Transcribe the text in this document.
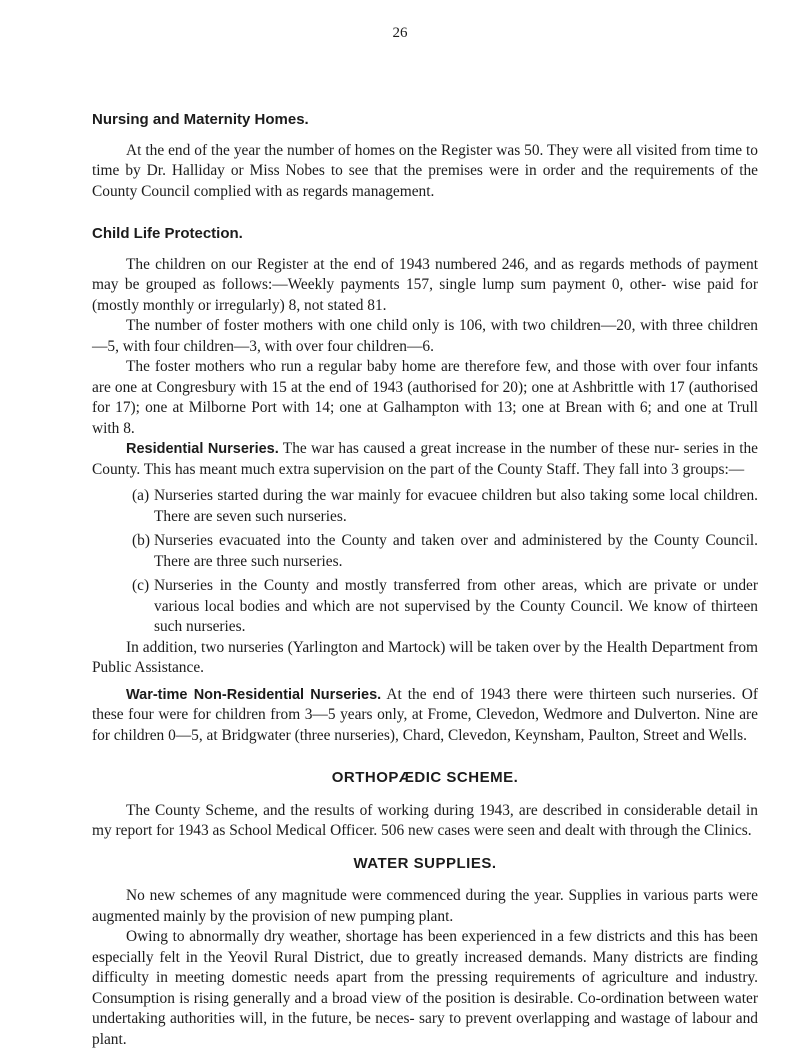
26
Nursing and Maternity Homes.

At the end of the year the number of homes on the Register was 50. They were all visited from time to time by Dr. Halliday or Miss Nobes to see that the premises were in order and the requirements of the County Council complied with as regards management.

Child Life Protection.

The children on our Register at the end of 1943 numbered 246, and as regards methods of payment may be grouped as follows:—Weekly payments 157, single lump sum payment 0, other- wise paid for (mostly monthly or irregularly) 8, not stated 81.

The number of foster mothers with one child only is 106, with two children—20, with three children—5, with four children—3, with over four children—6.

The foster mothers who run a regular baby home are therefore few, and those with over four infants are one at Congresbury with 15 at the end of 1943 (authorised for 20); one at Ashbrittle with 17 (authorised for 17); one at Milborne Port with 14; one at Galhampton with 13; one at Brean with 6; and one at Trull with 8.

Residential Nurseries. The war has caused a great increase in the number of these nur- series in the County. This has meant much extra supervision on the part of the County Staff. They fall into 3 groups:—

(a) Nurseries started during the war mainly for evacuee children but also taking some local children. There are seven such nurseries.
(b) Nurseries evacuated into the County and taken over and administered by the County Council. There are three such nurseries.
(c) Nurseries in the County and mostly transferred from other areas, which are private or under various local bodies and which are not supervised by the County Council. We know of thirteen such nurseries.

In addition, two nurseries (Yarlington and Martock) will be taken over by the Health Department from Public Assistance.

War-time Non-Residential Nurseries. At the end of 1943 there were thirteen such nurseries. Of these four were for children from 3—5 years only, at Frome, Clevedon, Wedmore and Dulverton. Nine are for children 0—5, at Bridgwater (three nurseries), Chard, Clevedon, Keynsham, Paulton, Street and Wells.

ORTHOPÆDIC SCHEME.

The County Scheme, and the results of working during 1943, are described in considerable detail in my report for 1943 as School Medical Officer. 506 new cases were seen and dealt with through the Clinics.

WATER SUPPLIES.

No new schemes of any magnitude were commenced during the year. Supplies in various parts were augmented mainly by the provision of new pumping plant.

Owing to abnormally dry weather, shortage has been experienced in a few districts and this has been especially felt in the Yeovil Rural District, due to greatly increased demands. Many districts are finding difficulty in meeting domestic needs apart from the pressing requirements of agriculture and industry. Consumption is rising generally and a broad view of the position is desirable. Co-ordination between water undertaking authorities will, in the future, be neces- sary to prevent overlapping and wastage of labour and plant.
